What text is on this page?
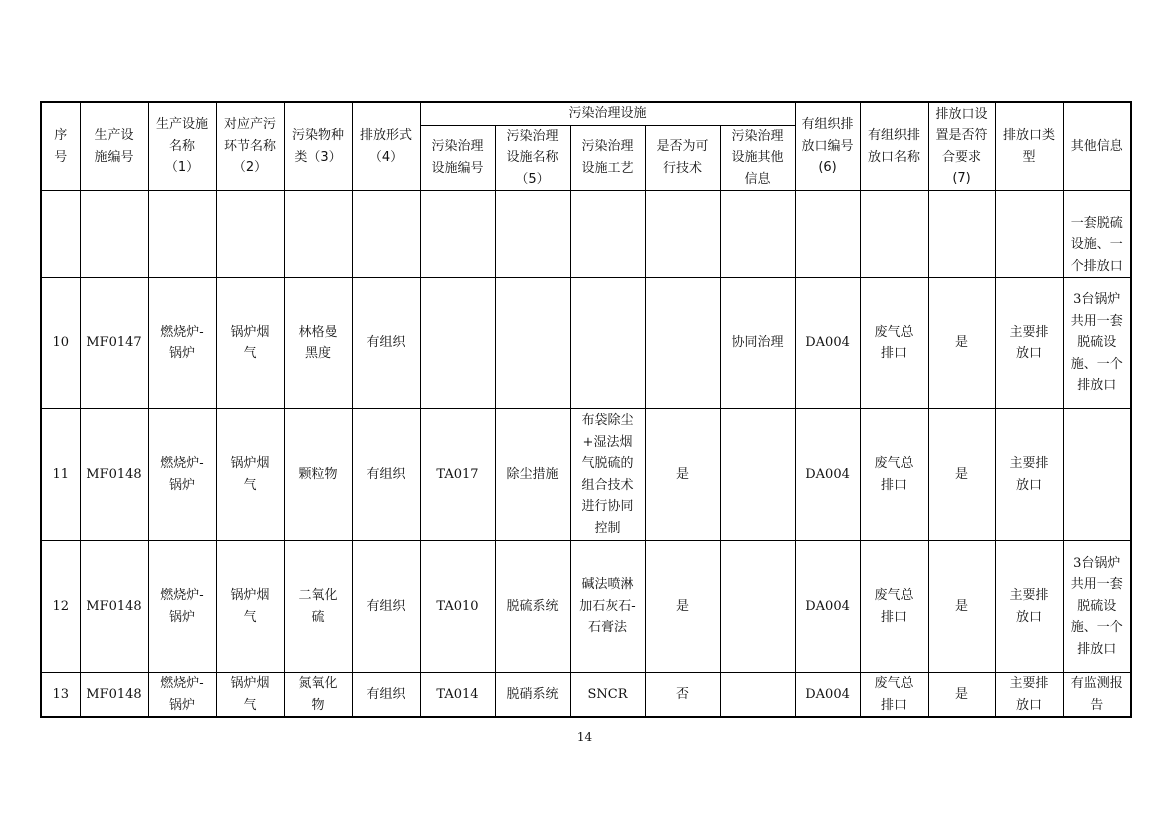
序号	生产设施编号	生产设施名称（1）	对应产污环节名称（2）	污染物种类（3）	排放形式（4）	污染治理设施					有组织排放口编号(6)	有组织排放口名称	排放口设置是否符合要求(7)	排放口类型	其他信息
						污染治理设施编号	污染治理设施名称（5）	污染治理设施工艺	是否为可行技术	污染治理设施其他信息					
															一套脱硫设施、一个排放口
10	MF0147	燃烧炉-锅炉	锅炉烟气	林格曼黑度	有组织					协同治理	DA004	废气总排口	是	主要排放口	3台锅炉共用一套脱硫设施、一个排放口
11	MF0148	燃烧炉-锅炉	锅炉烟气	颗粒物	有组织	TA017	除尘措施	布袋除尘+湿法烟气脱硫的组合技术进行协同控制	是		DA004	废气总排口	是	主要排放口	
12	MF0148	燃烧炉-锅炉	锅炉烟气	二氧化硫	有组织	TA010	脱硫系统	碱法喷淋加石灰石-石膏法	是		DA004	废气总排口	是	主要排放口	3台锅炉共用一套脱硫设施、一个排放口
13	MF0148	燃烧炉-锅炉	锅炉烟气	氮氧化物	有组织	TA014	脱硝系统	SNCR	否		DA004	废气总排口	是	主要排放口	有监测报告
14
